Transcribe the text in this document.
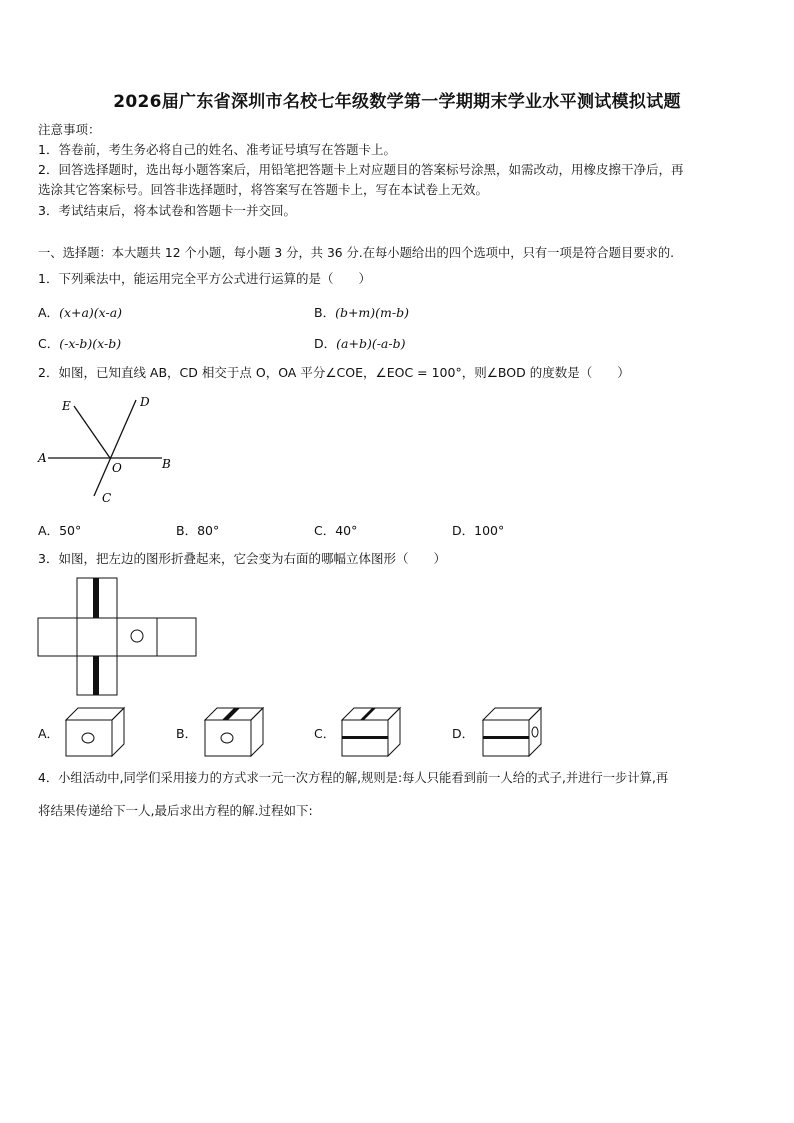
2026届广东省深圳市名校七年级数学第一学期期末学业水平测试模拟试题
注意事项：
1．答卷前，考生务必将自己的姓名、准考证号填写在答题卡上。
2．回答选择题时，选出每小题答案后，用铅笔把答题卡上对应题目的答案标号涂黑，如需改动，用橡皮擦干净后，再
选涂其它答案标号。回答非选择题时，将答案写在答题卡上，写在本试卷上无效。
3．考试结束后，将本试卷和答题卡一并交回。
一、选择题：本大题共 12 个小题，每小题 3 分，共 36 分.在每小题给出的四个选项中，只有一项是符合题目要求的.
1．下列乘法中，能运用完全平方公式进行运算的是（　　）
A．(x+a)(x-a)	B．(b+m)(m-b)
C．(-x-b)(x-b)	D．(a+b)(-a-b)
2．如图，已知直线 AB，CD 相交于点 O，OA 平分∠COE，∠EOC = 100°，则∠BOD 的度数是（　　）
E	D
A
O	B
C
A．50°	B．80°	C．40°	D．100°
3．如图，把左边的图形折叠起来，它会变为右面的哪幅立体图形（　　）
A．	B．	C．	D．
4．小组活动中,同学们采用接力的方式求一元一次方程的解,规则是:每人只能看到前一人给的式子,并进行一步计算,再
将结果传递给下一人,最后求出方程的解.过程如下:
